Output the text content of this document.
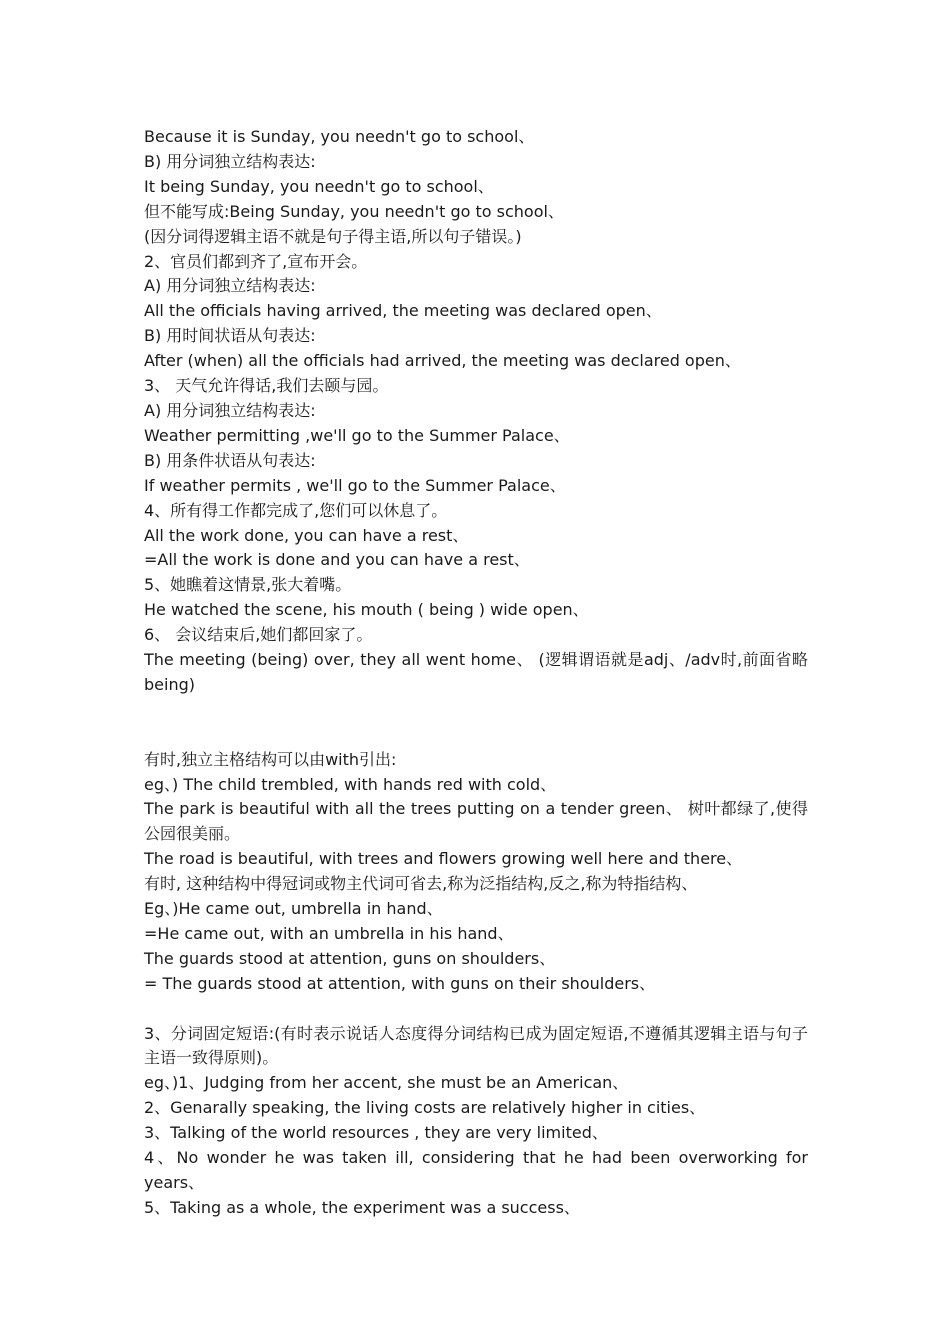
Because it is Sunday, you needn't go to school、

B) 用分词独立结构表达:

It being Sunday, you needn't go to school、

但不能写成:Being Sunday, you needn't go to school、

(因分词得逻辑主语不就是句子得主语,所以句子错误。)

2、官员们都到齐了,宣布开会。

A) 用分词独立结构表达:

All the officials having arrived, the meeting was declared open、

B) 用时间状语从句表达:

After (when) all the officials had arrived, the meeting was declared open、

3、 天气允许得话,我们去颐与园。

A) 用分词独立结构表达:

Weather permitting ,we'll go to the Summer Palace、

B) 用条件状语从句表达:

If weather permits , we'll go to the Summer Palace、

4、所有得工作都完成了,您们可以休息了。

All the work done, you can have a rest、

=All the work is done and you can have a rest、

5、她瞧着这情景,张大着嘴。

He watched the scene, his mouth ( being ) wide open、

6、 会议结束后,她们都回家了。

The meeting (being) over, they all went home、 (逻辑谓语就是adj、/adv时,前面省略being)

有时,独立主格结构可以由with引出:

eg、) The child trembled, with hands red with cold、

The park is beautiful with all the trees putting on a tender green、 树叶都绿了,使得公园很美丽。

The road is beautiful, with trees and flowers growing well here and there、

有时, 这种结构中得冠词或物主代词可省去,称为泛指结构,反之,称为特指结构、

Eg、)He came out, umbrella in hand、

=He came out, with an umbrella in his hand、

The guards stood at attention, guns on shoulders、

= The guards stood at attention, with guns on their shoulders、

3、分词固定短语:(有时表示说话人态度得分词结构已成为固定短语,不遵循其逻辑主语与句子主语一致得原则)。

eg、)1、Judging from her accent, she must be an American、

2、Genarally speaking, the living costs are relatively higher in cities、

3、Talking of the world resources , they are very limited、

4、No wonder he was taken ill, considering that he had been overworking for years、

5、Taking as a whole, the experiment was a success、
